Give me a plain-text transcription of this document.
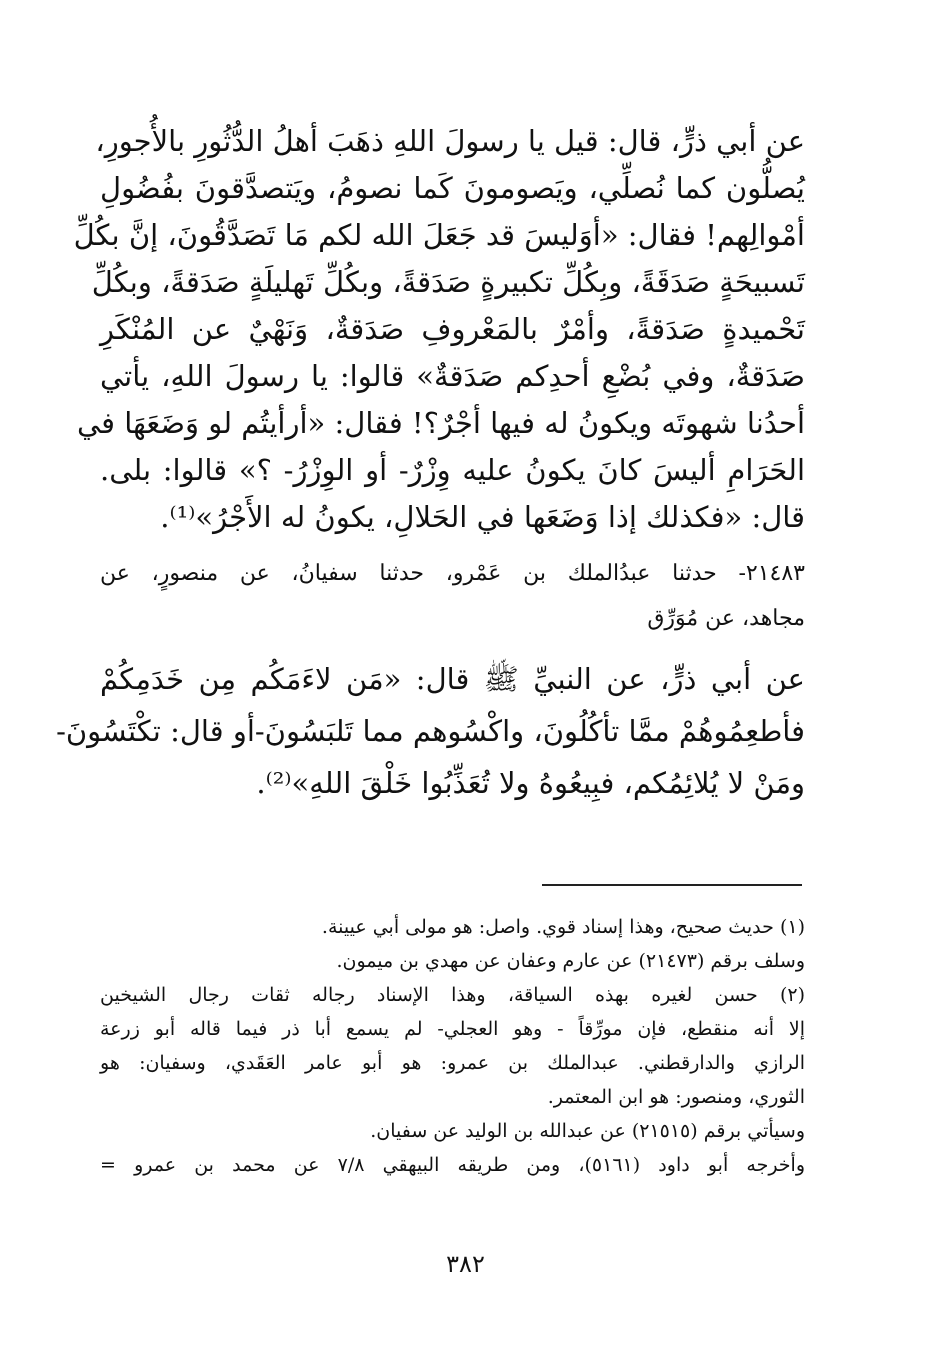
عن أبي ذرٍّ، قال: قيل يا رسولَ اللهِ ذهَبَ أهلُ الدُّثُورِ بالأُجورِ،
يُصلُّون كما نُصلِّي، ويَصومونَ كَما نصومُ، ويَتصدَّقونَ بفُضُولِ
أمْوالِهم! فقال: «أوَليسَ قد جَعَلَ الله لكم مَا تَصَدَّقُونَ، إنَّ بكُلِّ
تَسبيحَةٍ صَدَقَةً، وبِكُلِّ تكبيرةٍ صَدَقةً، وبكُلِّ تَهليلَةٍ صَدَقةً، وبكُلِّ
تَحْميدةٍ صَدَقةً، وأمْرٌ بالمَعْروفِ صَدَقةٌ، وَنَهْيٌ عن المُنْكَرِ
صَدَقةٌ، وفي بُضْعِ أحدِكم صَدَقةٌ» قالوا: يا رسولَ اللهِ، يأتي
أحدُنا شهوتَه ويكونُ له فيها أجْرٌ؟! فقال: «أرأيتُم لو وَضَعَهَا في
الحَرَامِ أليسَ كانَ يكونُ عليه وِزْرٌ- أو الوِزْرُ- ؟» قالوا: بلى.
قال: «فكذلك إذا وَضَعَها في الحَلالِ، يكونُ له الأَجْرُ»⁽¹⁾.
٢١٤٨٣- حدثنا عبدُالملك بن عَمْرو، حدثنا سفيانُ، عن منصورٍ، عن
مجاهد، عن مُوَرِّق
عن أبي ذرٍّ، عن النبيِّ ﷺ قال: «مَن لاءَمَكُم مِن خَدَمِكُمْ
فأطعِمُوهُمْ ممَّا تأكُلُونَ، واكْسُوهم مما تَلبَسُونَ-أو قال: تكْتَسُونَ-
ومَنْ لا يُلائِمُكم، فبِيعُوهُ ولا تُعَذِّبُوا خَلْقَ اللهِ»⁽²⁾.
(١) حديث صحيح، وهذا إسناد قوي. واصل: هو مولى أبي عيينة.
وسلف برقم (٢١٤٧٣) عن عارم وعفان عن مهدي بن ميمون.
(٢) حسن لغيره بهذه السياقة، وهذا الإسناد رجاله ثقات رجال الشيخين
إلا أنه منقطع، فإن مورِّقاً - وهو العجلي- لم يسمع أبا ذر فيما قاله أبو زرعة
الرازي والدارقطني. عبدالملك بن عمرو: هو أبو عامر العَقَدي، وسفيان: هو
الثوري، ومنصور: هو ابن المعتمر.
وسيأتي برقم (٢١٥١٥) عن عبدالله بن الوليد عن سفيان.
وأخرجه أبو داود (٥١٦١)، ومن طريقه البيهقي ٧/٨ عن محمد بن عمرو =
٣٨٢
